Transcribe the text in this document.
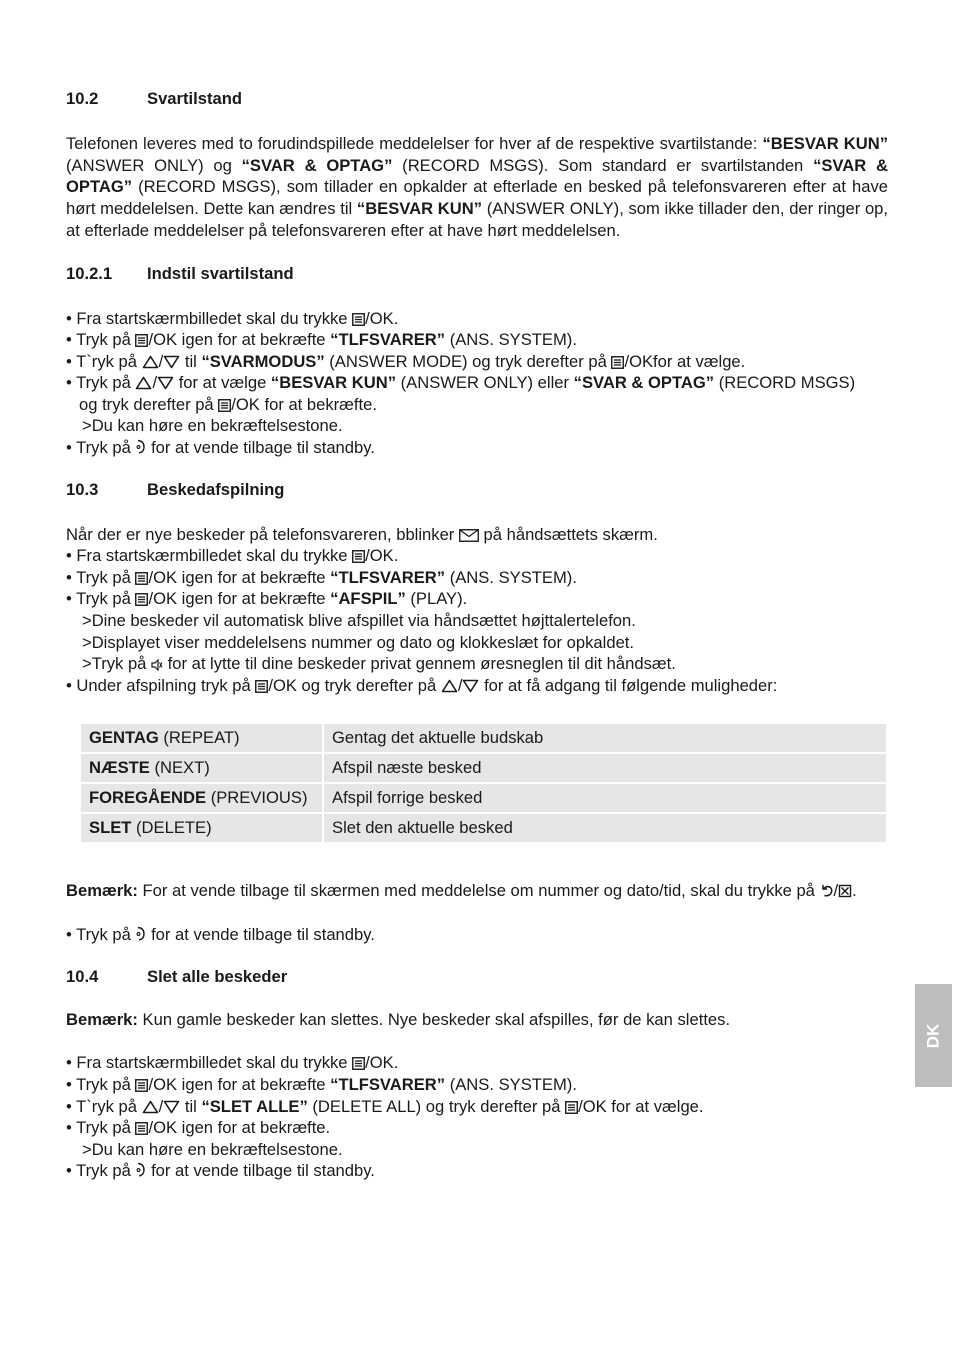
10.2	Svartilstand
Telefonen leveres med to forudindspillede meddelelser for hver af de respektive svartilstande: “BESVAR KUN” (ANSWER ONLY) og “SVAR & OPTAG” (RECORD MSGS). Som standard er svartilstanden “SVAR & OPTAG” (RECORD MSGS), som tillader en opkalder at efterlade en besked på telefonsvareren efter at have hørt meddelelsen. Dette kan ændres til “BESVAR KUN” (ANSWER ONLY), som ikke tillader den, der ringer op, at efterlade meddelelser på telefonsvareren efter at have hørt meddelelsen.
10.2.1	Indstil svartilstand
• Fra startskærmbilledet skal du trykke
/OK.
• Tryk på
/OK igen for at bekræfte “TLFSVARER” (ANS. SYSTEM).
• T`ryk på
/
til “SVARMODUS” (ANSWER MODE) og tryk derefter på
/OKfor at vælge.
• Tryk på
/
for at vælge “BESVAR KUN” (ANSWER ONLY) eller “SVAR & OPTAG” (RECORD MSGS)
og tryk derefter på
/OK for at bekræfte.
>Du kan høre en bekræftelsestone.
• Tryk på
for at vende tilbage til standby.
10.3	Beskedafspilning
Når der er nye beskeder på telefonsvareren, bblinker
på håndsættets skærm.
• Fra startskærmbilledet skal du trykke
/OK.
• Tryk på
/OK igen for at bekræfte “TLFSVARER” (ANS. SYSTEM).
• Tryk på
/OK igen for at bekræfte “AFSPIL” (PLAY).
>Dine beskeder vil automatisk blive afspillet via håndsættet højttalertelefon.
>Displayet viser meddelelsens nummer og dato og klokkeslæt for opkaldet.
>Tryk på
for at lytte til dine beskeder privat gennem øresneglen til dit håndsæt.
• Under afspilning tryk på
/OK og tryk derefter på
/
for at få adgang til følgende muligheder:
GENTAG (REPEAT)	Gentag det aktuelle budskab
NÆSTE (NEXT)	Afspil næste besked
FOREGÅENDE (PREVIOUS)	Afspil forrige besked
SLET (DELETE)	Slet den aktuelle besked
Bemærk: For at vende tilbage til skærmen med meddelelse om nummer og dato/tid, skal du trykke på
/ .
• Tryk på
for at vende tilbage til standby.
10.4	Slet alle beskeder
Bemærk: Kun gamle beskeder kan slettes. Nye beskeder skal afspilles, før de kan slettes.
• Fra startskærmbilledet skal du trykke
/OK.
• Tryk på
/OK igen for at bekræfte “TLFSVARER” (ANS. SYSTEM).
• T`ryk på
/
til “SLET ALLE” (DELETE ALL) og tryk derefter på
/OK for at vælge.
• Tryk på
/OK igen for at bekræfte.
>Du kan høre en bekræftelsestone.
• Tryk på
for at vende tilbage til standby.
DK
